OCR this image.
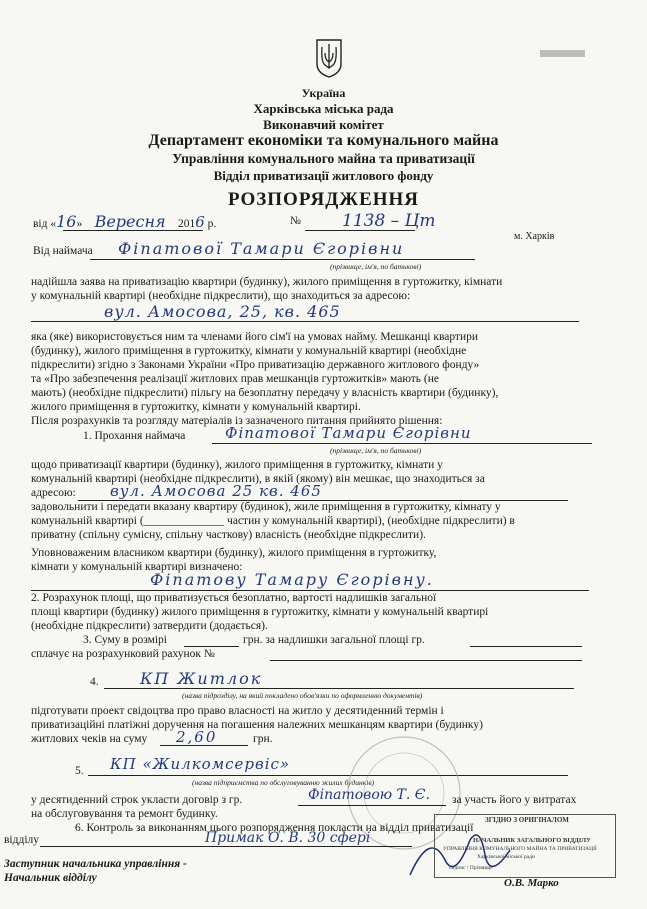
Україна
Харківська міська рада
Виконавчий комітет
Департамент економіки та комунального майна
Управління комунального майна та приватизації
Відділ приватизації житлового фонду
РОЗПОРЯДЖЕННЯ
від «16» Вересня 2016 р.	№ 1138 – Цт
м. Харків
Від наймача Фіпатової Тамари Єгорівни
(прізвище, ім'я, по батькові)
надійшла заява на приватизацію квартири (будинку), жилого приміщення в гуртожитку, кімнати
у комунальній квартирі (необхідне підкреслити), що знаходиться за адресою:
вул. Амосова, 25, кв. 465
яка (яке) використовується ним та членами його сім'ї на умовах найму. Мешканці квартири
(будинку), жилого приміщення в гуртожитку, кімнати у комунальній квартирі (необхідне
підкреслити) згідно з Законами України «Про приватизацію державного житлового фонду»
та «Про забезпечення реалізації житлових прав мешканців гуртожитків» мають (не
мають) (необхідне підкреслити) пільгу на безоплатну передачу у власність квартири (будинку),
жилого приміщення в гуртожитку, кімнати у комунальній квартирі.
Після розрахунків та розгляду матеріалів із зазначеного питання прийнято рішення:
1. Прохання наймача	Фіпатової Тамари Єгорівни
(прізвище, ім'я, по батькові)
щодо приватизації квартири (будинку), жилого приміщення в гуртожитку, кімнати у
комунальній квартирі (необхідне підкреслити), в якій (якому) він мешкає, що знаходиться за
адресою: вул. Амосова 25 кв. 465
задовольнити і передати вказану квартиру (будинок), жиле приміщення в гуртожитку, кімнату у
комунальній квартирі (______________ частин у комунальній квартирі), (необхідне підкреслити) в
приватну (спільну сумісну, спільну часткову) власність (необхідне підкреслити).
Уповноваженим власником квартири (будинку), жилого приміщення в гуртожитку,
кімнати у комунальній квартирі визначено:
Фіпатову Тамару Єгорівну.
2. Розрахунок площі, що приватизується безоплатно, вартості надлишків загальної
площі квартири (будинку) жилого приміщення в гуртожитку, кімнати у комунальній квартирі
(необхідне підкреслити) затвердити (додається).
3. Суму в розмірі	грн. за надлишки загальної площі гр.
сплачує на розрахунковий рахунок №
4.	КП Житлок
(назва підрозділу, на який покладено обов'язки по оформленню документів)
підготувати проект свідоцтва про право власності на житло у десятиденний термін і
приватизаційні платіжні доручення на погашення належних мешканцям квартири (будинку)
житлових чеків на суму 2,60	грн.
5. КП «Жилкомсервіс»
(назва підприємства по обслуговуванню жилих будинків)
у десятиденний строк укласти договір з гр.	Фіпатовою Т. Є. за участь його у витратах
на обслуговування та ремонт будинку.
6. Контроль за виконанням цього розпорядження покласти на відділ приватизації
відділу	Примак О. В. 30 сфері
Заступник начальника управління -
Начальник відділу	О.В. Марко
ЗГІДНО З ОРИГІНАЛОМ
НАЧАЛЬНИК ЗАГАЛЬНОГО ВІДДІЛУ
УПРАВЛІННЯ КОМУНАЛЬНОГО МАЙНА ТА ПРИВАТИЗАЦІЇ
Харківської міської ради
Підпис / Прізвище
